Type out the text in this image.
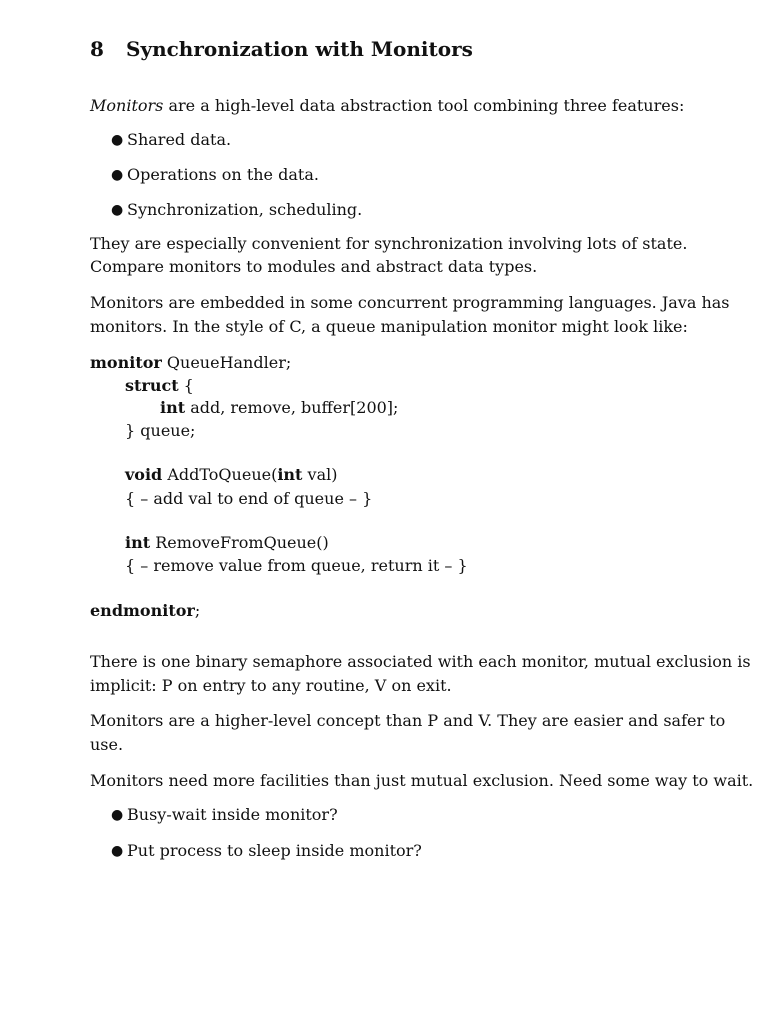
8 Synchronization with Monitors
Monitors are a high-level data abstraction tool combining three features:
● Shared data.
● Operations on the data.
● Synchronization, scheduling.
They are especially convenient for synchronization involving lots of state.
Compare monitors to modules and abstract data types.
Monitors are embedded in some concurrent programming languages. Java has
monitors. In the style of C, a queue manipulation monitor might look like:
monitor QueueHandler;
struct {
int add, remove, buffer[200];
} queue;
void AddToQueue(int val)
{ – add val to end of queue – }
int RemoveFromQueue()
{ – remove value from queue, return it – }
endmonitor;
There is one binary semaphore associated with each monitor, mutual exclusion is
implicit: P on entry to any routine, V on exit.
Monitors are a higher-level concept than P and V. They are easier and safer to
use.
Monitors need more facilities than just mutual exclusion. Need some way to wait.
● Busy-wait inside monitor?
● Put process to sleep inside monitor?
